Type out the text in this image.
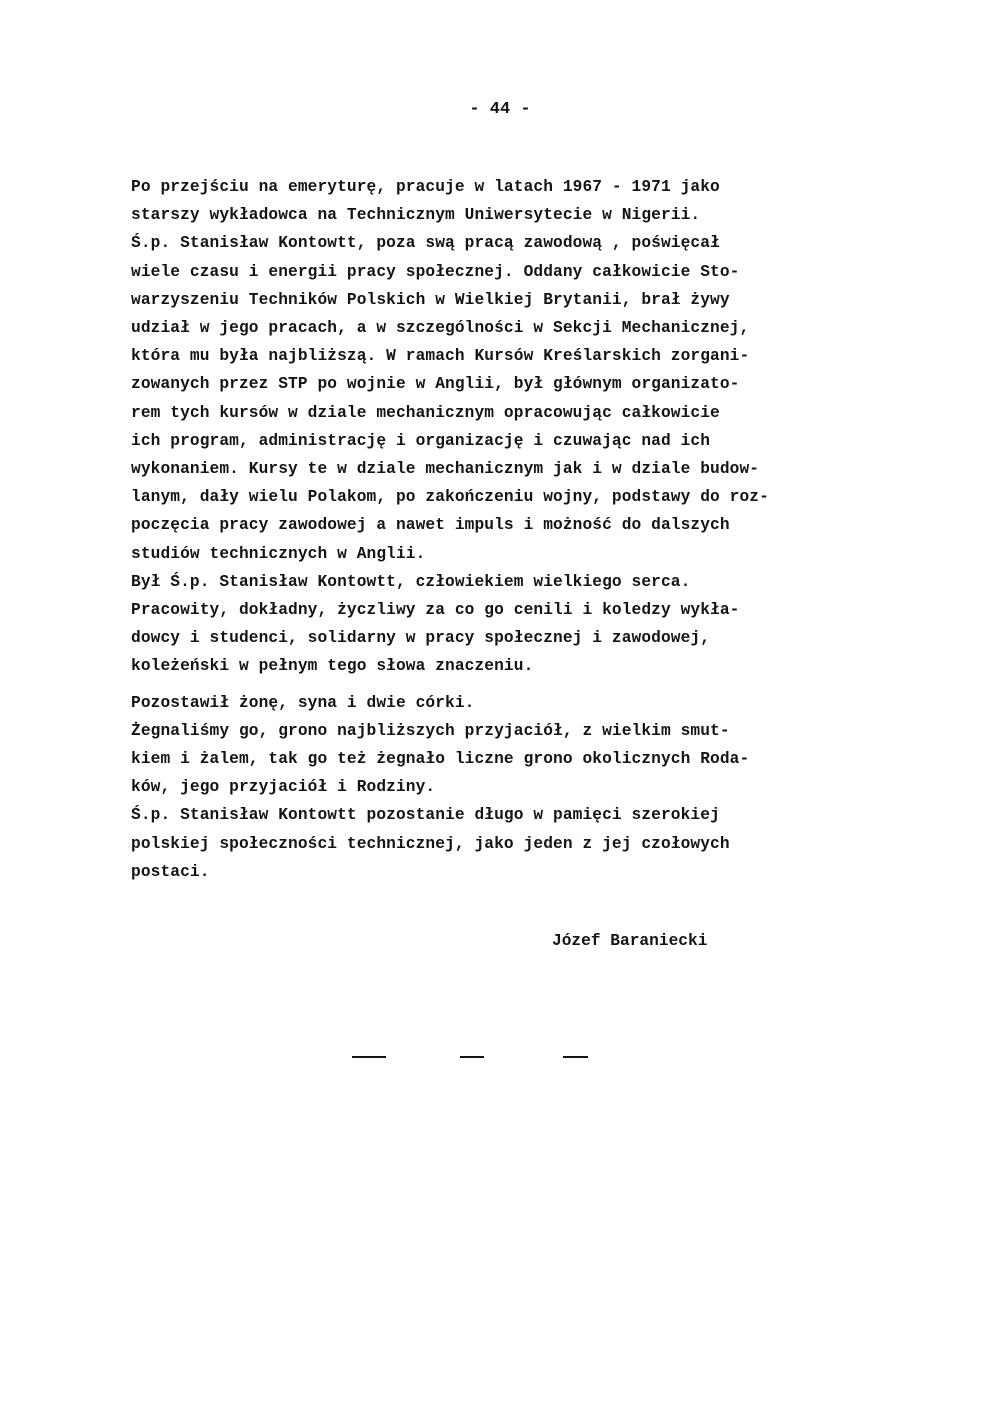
- 44 -
Po przejściu na emeryturę, pracuje w latach 1967 - 1971 jako
starszy wykładowca na Technicznym Uniwersytecie w Nigerii.
Ś.p. Stanisław Kontowtt, poza swą pracą zawodową , poświęcał
wiele czasu i energii pracy społecznej. Oddany całkowicie Sto-
warzyszeniu Techników Polskich w Wielkiej Brytanii, brał żywy
udział w jego pracach, a w szczególności w Sekcji Mechanicznej,
która mu była najbliższą. W ramach Kursów Kreślarskich zorgani-
zowanych przez STP po wojnie w Anglii, był głównym organizato-
rem tych kursów w dziale mechanicznym opracowując całkowicie
ich program, administrację i organizację i czuwając nad ich
wykonaniem. Kursy te w dziale mechanicznym jak i w dziale budow-
lanym, dały wielu Polakom, po zakończeniu wojny, podstawy do roz-
poczęcia pracy zawodowej a nawet impuls i możność do dalszych
studiów technicznych w Anglii.
Był Ś.p. Stanisław Kontowtt, człowiekiem wielkiego serca.
Pracowity, dokładny, życzliwy za co go cenili i koledzy wykła-
dowcy i studenci, solidarny w pracy społecznej i zawodowej,
koleżeński w pełnym tego słowa znaczeniu.
Pozostawił żonę, syna i dwie córki.
Żegnaliśmy go, grono najbliższych przyjaciół, z wielkim smut-
kiem i żalem, tak go też żegnało liczne grono okolicznych Roda-
ków, jego przyjaciół i Rodziny.
Ś.p. Stanisław Kontowtt pozostanie długo w pamięci szerokiej
polskiej społeczności technicznej, jako jeden z jej czołowych
postaci.
Józef Baraniecki
